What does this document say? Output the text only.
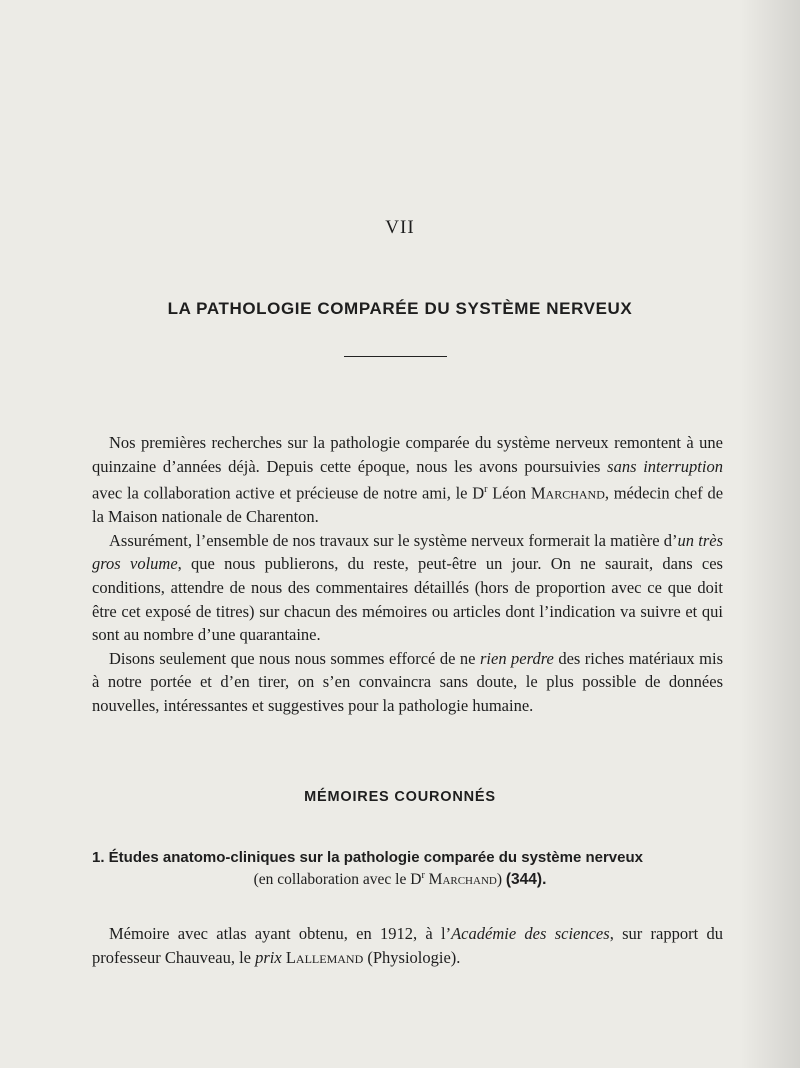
VII
LA PATHOLOGIE COMPARÉE DU SYSTÈME NERVEUX

Nos premières recherches sur la pathologie comparée du système nerveux remontent à une quinzaine d’années déjà. Depuis cette époque, nous les avons poursuivies sans interruption avec la collaboration active et précieuse de notre ami, le $D^r$ Léon Marchand, médecin chef de la Maison nationale de Charenton.

Assurément, l’ensemble de nos travaux sur le système nerveux formerait la matière d’un très gros volume, que nous publierons, du reste, peut-être un jour. On ne saurait, dans ces conditions, attendre de nous des commentaires détaillés (hors de proportion avec ce que doit être cet exposé de titres) sur chacun des mémoires ou articles dont l’indication va suivre et qui sont au nombre d’une quarantaine.

Disons seulement que nous nous sommes efforcé de ne rien perdre des riches matériaux mis à notre portée et d’en tirer, on s’en convaincra sans doute, le plus possible de données nouvelles, intéressantes et suggestives pour la pathologie humaine.

MÉMOIRES COURONNÉS
1. Études anatomo-cliniques sur la pathologie comparée du système nerveux
(en collaboration avec le $D^r$ Marchand) (344).

Mémoire avec atlas ayant obtenu, en 1912, à l’Académie des sciences, sur rapport du professeur Chauveau, le prix Lallemand (Physiologie).
